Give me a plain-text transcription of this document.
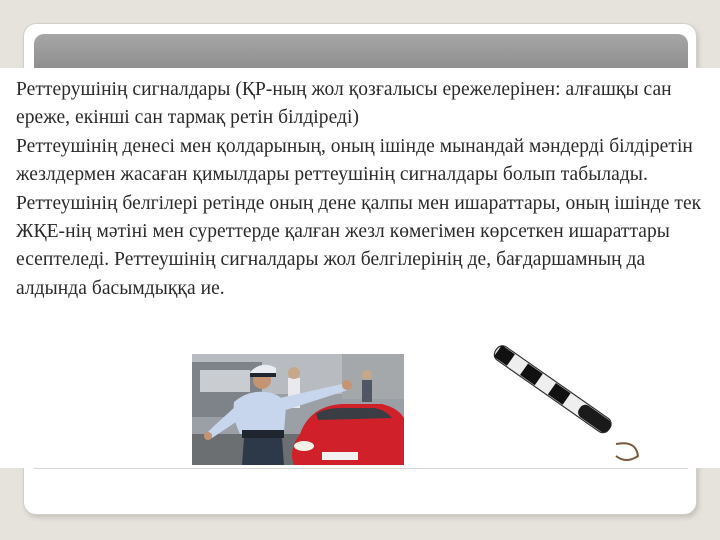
Реттерушінің сигналдары (ҚР-ның жол қозғалысы ережелерінен: алғашқы сан ереже, екінші сан тармақ ретін білдіреді)

Реттеушінің денесі мен қолдарының, оның ішінде мынандай мәндерді білдіретін жезлдермен жасаған қимылдары реттеушінің сигналдары болып табылады.

Реттеушінің белгілері ретінде оның дене қалпы мен ишараттары, оның ішінде тек ЖҚЕ-нің мәтіні мен суреттерде қалған жезл көмегімен көрсеткен ишараттары есептеледі. Реттеушінің сигналдары жол белгілерінің де, бағдаршамның да алдында басымдыққа ие.
